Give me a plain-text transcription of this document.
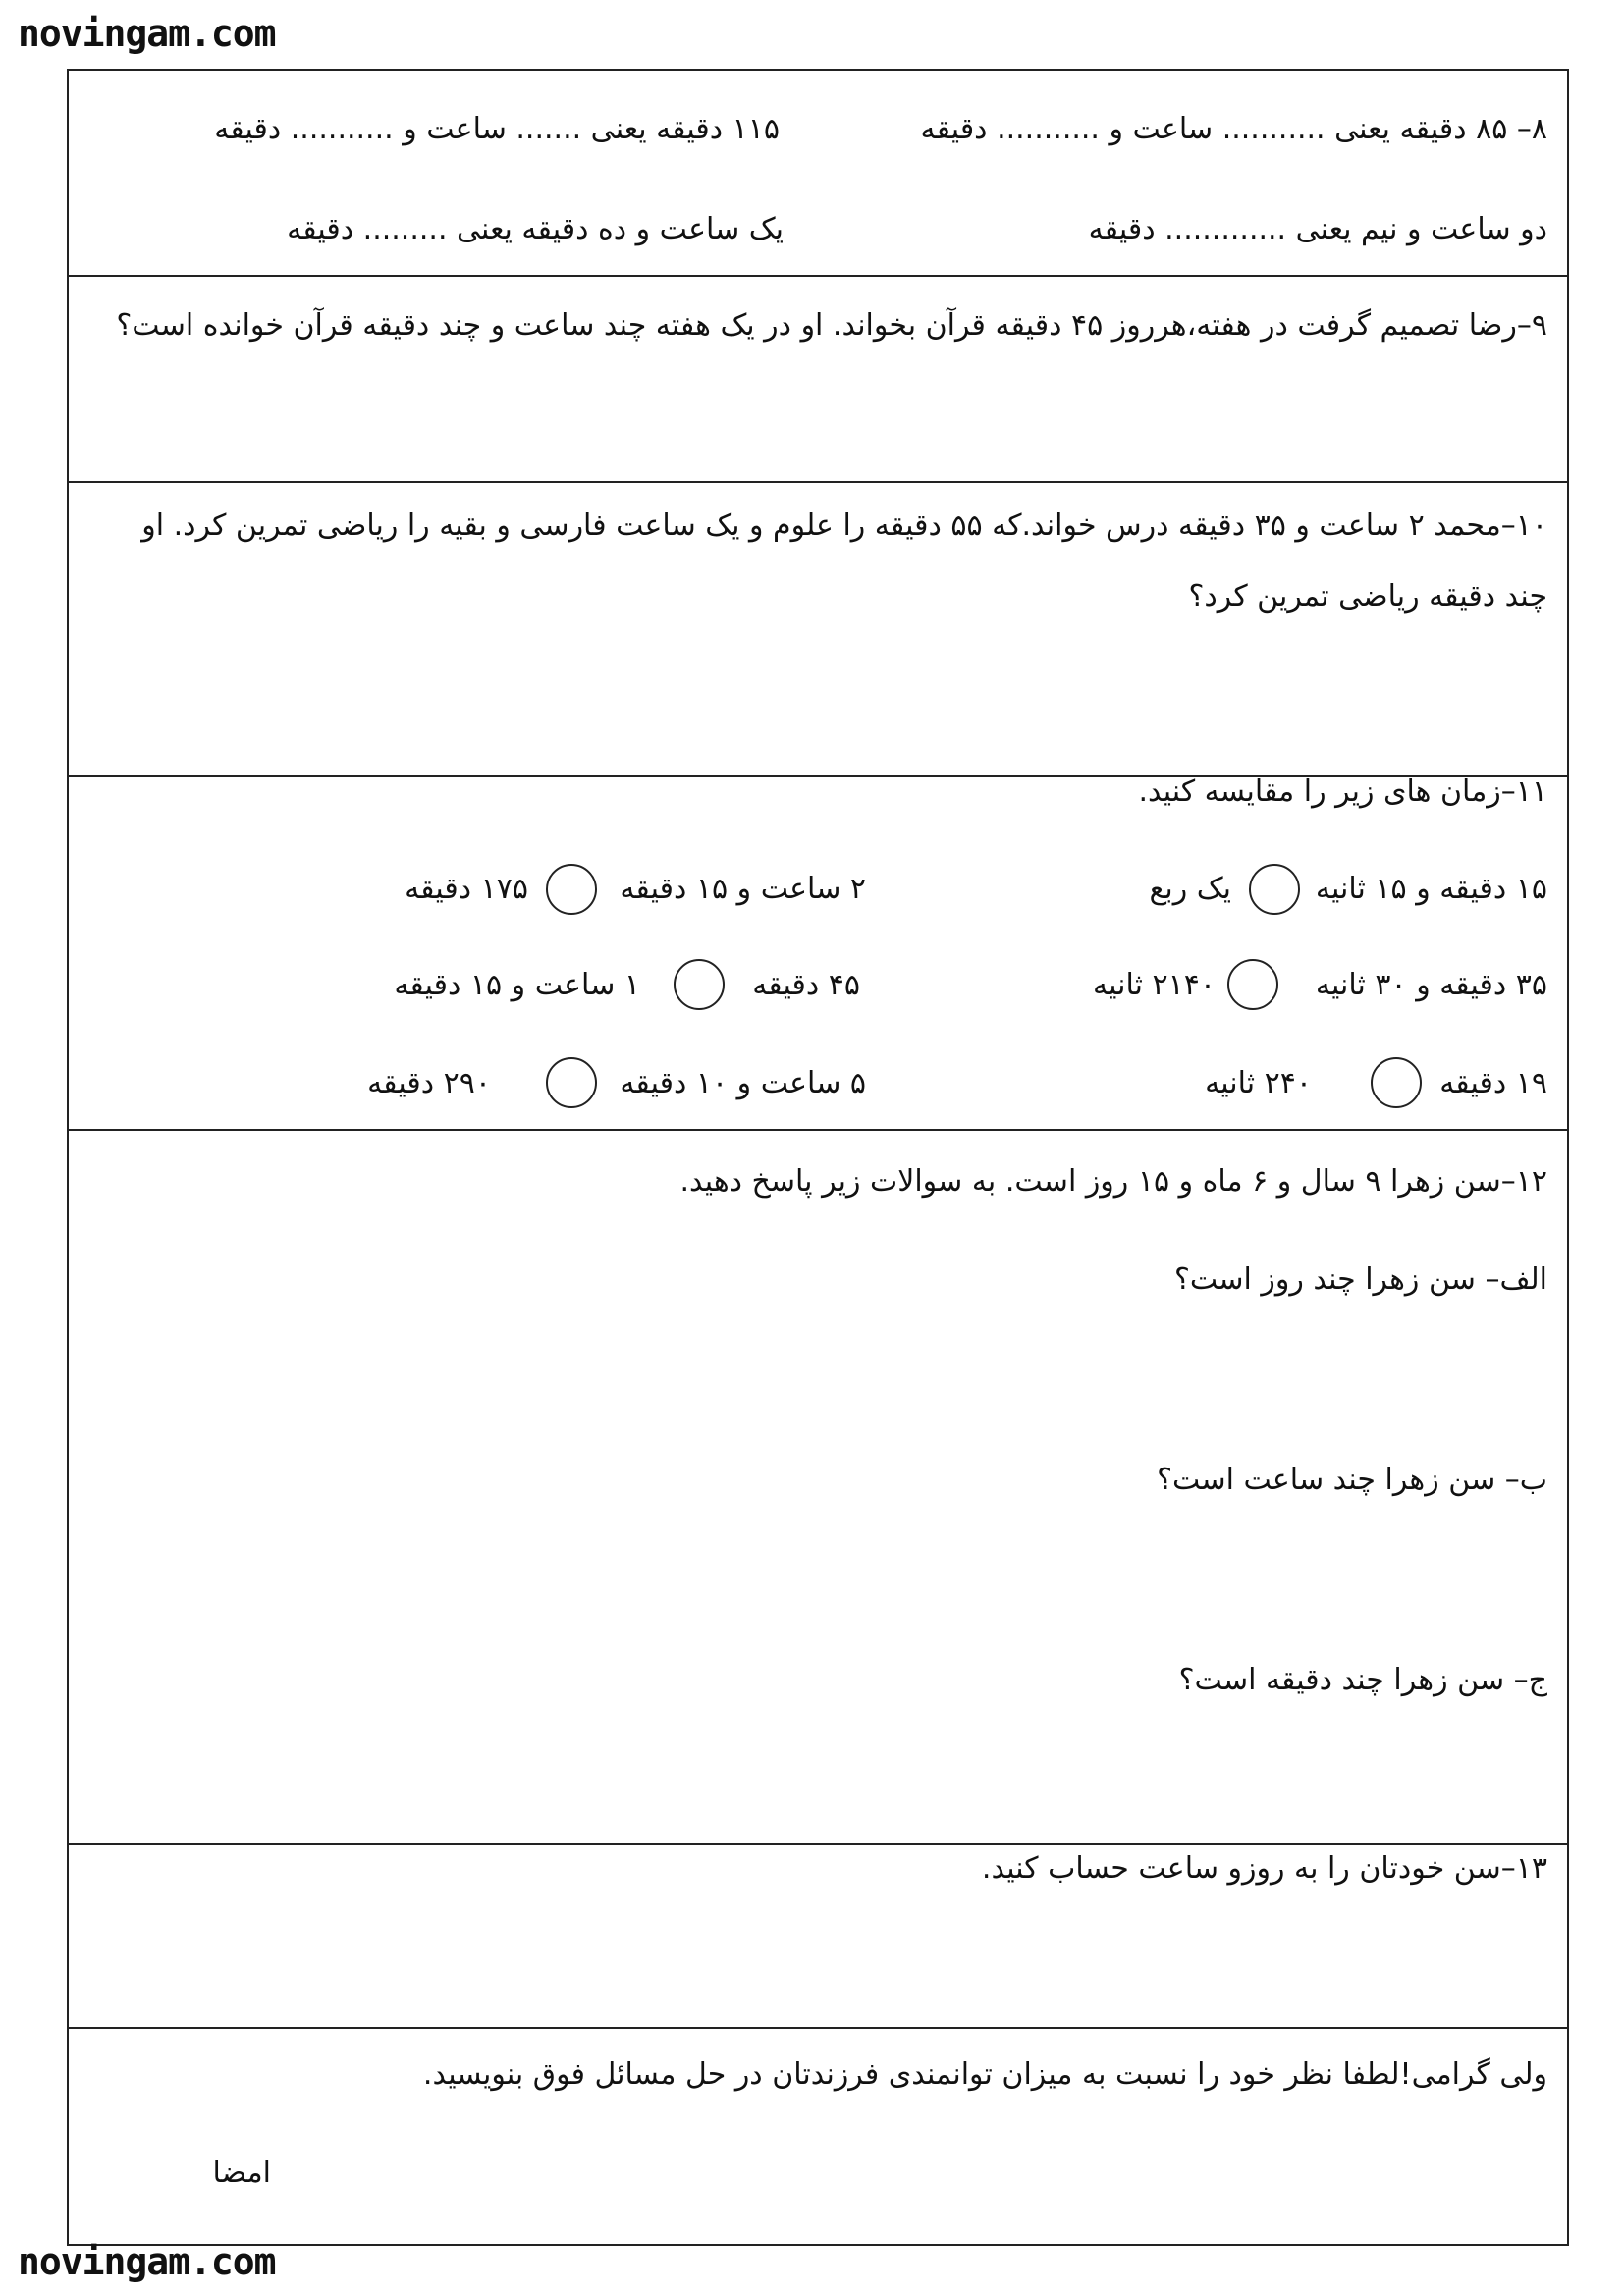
novingam.com
۸– ۸۵ دقیقه یعنی ........... ساعت و ........... دقیقه
۱۱۵ دقیقه یعنی ....... ساعت و ........... دقیقه
دو ساعت و نیم یعنی ............. دقیقه
یک ساعت و ده دقیقه یعنی ......... دقیقه
۹–رضا تصمیم گرفت در هفته،هرروز ۴۵ دقیقه قرآن بخواند. او در یک هفته چند ساعت و چند دقیقه قرآن خوانده است؟
۱۰–محمد ۲ ساعت و ۳۵ دقیقه درس خواند.که ۵۵ دقیقه را علوم و یک ساعت فارسی و بقیه را ریاضی تمرین کرد. او
چند دقیقه ریاضی تمرین کرد؟
۱۱–زمان های زیر را مقایسه کنید.
۱۵ دقیقه و ۱۵ ثانیه
یک ربع
۲ ساعت و ۱۵ دقیقه
۱۷۵ دقیقه
۳۵ دقیقه و ۳۰ ثانیه
۲۱۴۰ ثانیه
۴۵ دقیقه
۱ ساعت و ۱۵ دقیقه
۱۹ دقیقه
۲۴۰ ثانیه
۵ ساعت و ۱۰ دقیقه
۲۹۰ دقیقه
۱۲–سن زهرا ۹ سال و ۶ ماه و ۱۵ روز است. به سوالات زیر پاسخ دهید.
الف– سن زهرا چند روز است؟
ب– سن زهرا چند ساعت است؟
ج– سن زهرا چند دقیقه است؟
۱۳–سن خودتان را به روزو ساعت حساب کنید.
ولی گرامی!لطفا نظر خود را نسبت به میزان توانمندی فرزندتان در حل مسائل فوق بنویسید.
امضا
novingam.com
